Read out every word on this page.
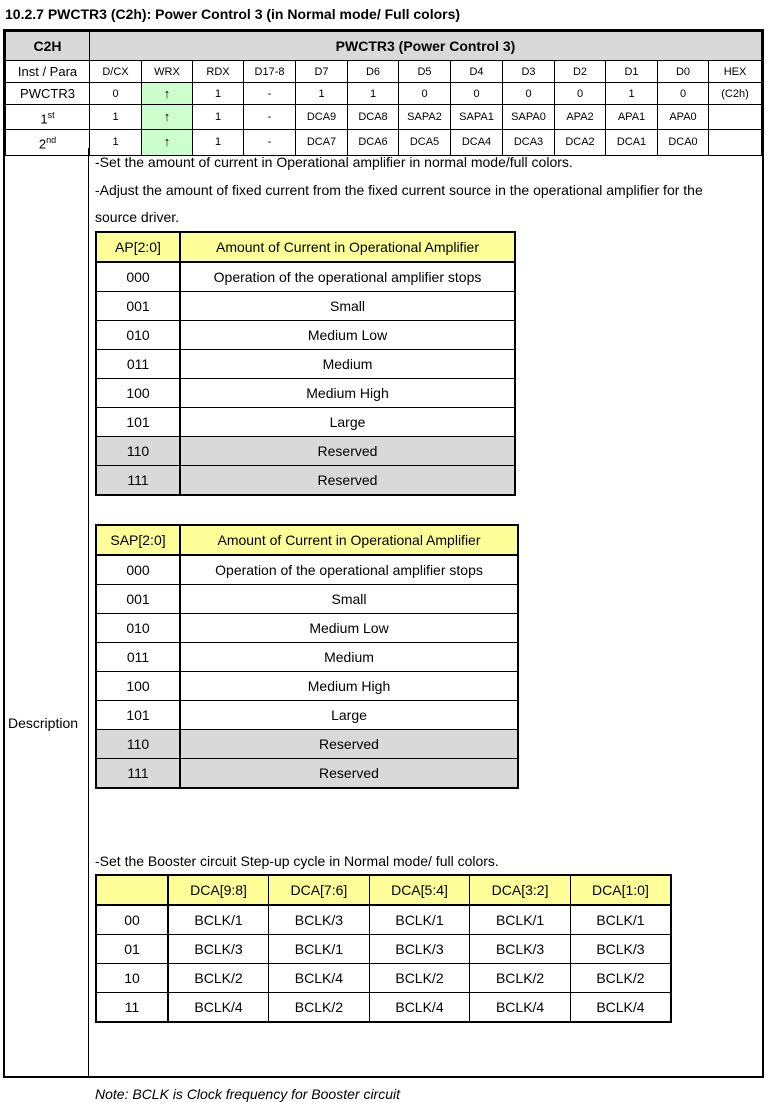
10.2.7 PWCTR3 (C2h): Power Control 3 (in Normal mode/ Full colors)
C2H	PWCTR3 (Power Control 3)												
Inst / Para	D/CX	WRX	RDX	D17-8	D7	D6	D5	D4	D3	D2	D1	D0	HEX
PWCTR3	0	↑	1	-	1	1	0	0	0	0	1	0	(C2h)
1st	1	↑	1	-	DCA9	DCA8	SAPA2	SAPA1	SAPA0	APA2	APA1	APA0	
2nd	1	↑	1	-	DCA7	DCA6	DCA5	DCA4	DCA3	DCA2	DCA1	DCA0	
Description
-Set the amount of current in Operational amplifier in normal mode/full colors.
-Adjust the amount of fixed current from the fixed current source in the operational amplifier for the
source driver.
AP[2:0]	Amount of Current in Operational Amplifier
000	Operation of the operational amplifier stops
001	Small
010	Medium Low
011	Medium
100	Medium High
101	Large
110	Reserved
111	Reserved
SAP[2:0]	Amount of Current in Operational Amplifier
000	Operation of the operational amplifier stops
001	Small
010	Medium Low
011	Medium
100	Medium High
101	Large
110	Reserved
111	Reserved
-Set the Booster circuit Step-up cycle in Normal mode/ full colors.
	DCA[9:8]	DCA[7:6]	DCA[5:4]	DCA[3:2]	DCA[1:0]
00	BCLK/1	BCLK/3	BCLK/1	BCLK/1	BCLK/1
01	BCLK/3	BCLK/1	BCLK/3	BCLK/3	BCLK/3
10	BCLK/2	BCLK/4	BCLK/2	BCLK/2	BCLK/2
11	BCLK/4	BCLK/2	BCLK/4	BCLK/4	BCLK/4
Note: BCLK is Clock frequency for Booster circuit
